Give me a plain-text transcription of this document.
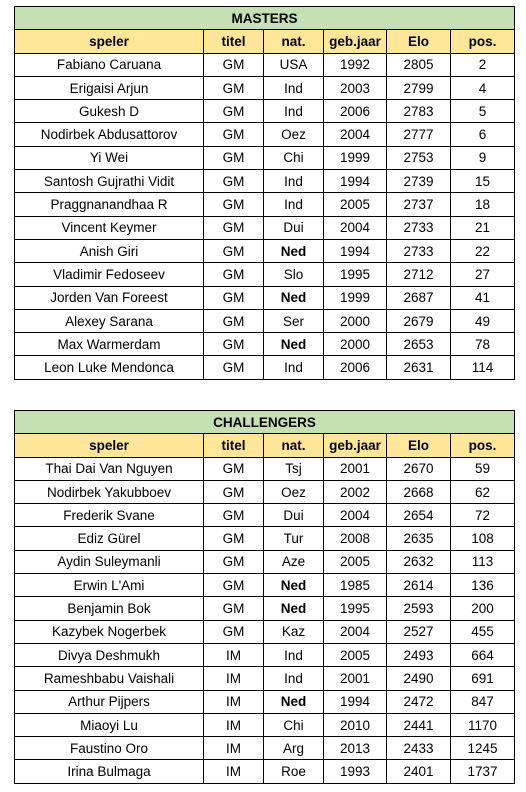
MASTERS					
speler	titel	nat.	geb.jaar	Elo	pos.
Fabiano Caruana	GM	USA	1992	2805	2
Erigaisi Arjun	GM	Ind	2003	2799	4
Gukesh D	GM	Ind	2006	2783	5
Nodirbek Abdusattorov	GM	Oez	2004	2777	6
Yi Wei	GM	Chi	1999	2753	9
Santosh Gujrathi Vidit	GM	Ind	1994	2739	15
Praggnanandhaa R	GM	Ind	2005	2737	18
Vincent Keymer	GM	Dui	2004	2733	21
Anish Giri	GM	Ned	1994	2733	22
Vladimir Fedoseev	GM	Slo	1995	2712	27
Jorden Van Foreest	GM	Ned	1999	2687	41
Alexey Sarana	GM	Ser	2000	2679	49
Max Warmerdam	GM	Ned	2000	2653	78
Leon Luke Mendonca	GM	Ind	2006	2631	114
CHALLENGERS					
speler	titel	nat.	geb.jaar	Elo	pos.
Thai Dai Van Nguyen	GM	Tsj	2001	2670	59
Nodirbek Yakubboev	GM	Oez	2002	2668	62
Frederik Svane	GM	Dui	2004	2654	72
Ediz Gürel	GM	Tur	2008	2635	108
Aydin Suleymanli	GM	Aze	2005	2632	113
Erwin L'Ami	GM	Ned	1985	2614	136
Benjamin Bok	GM	Ned	1995	2593	200
Kazybek Nogerbek	GM	Kaz	2004	2527	455
Divya Deshmukh	IM	Ind	2005	2493	664
Rameshbabu Vaishali	IM	Ind	2001	2490	691
Arthur Pijpers	IM	Ned	1994	2472	847
Miaoyi Lu	IM	Chi	2010	2441	1170
Faustino Oro	IM	Arg	2013	2433	1245
Irina Bulmaga	IM	Roe	1993	2401	1737
